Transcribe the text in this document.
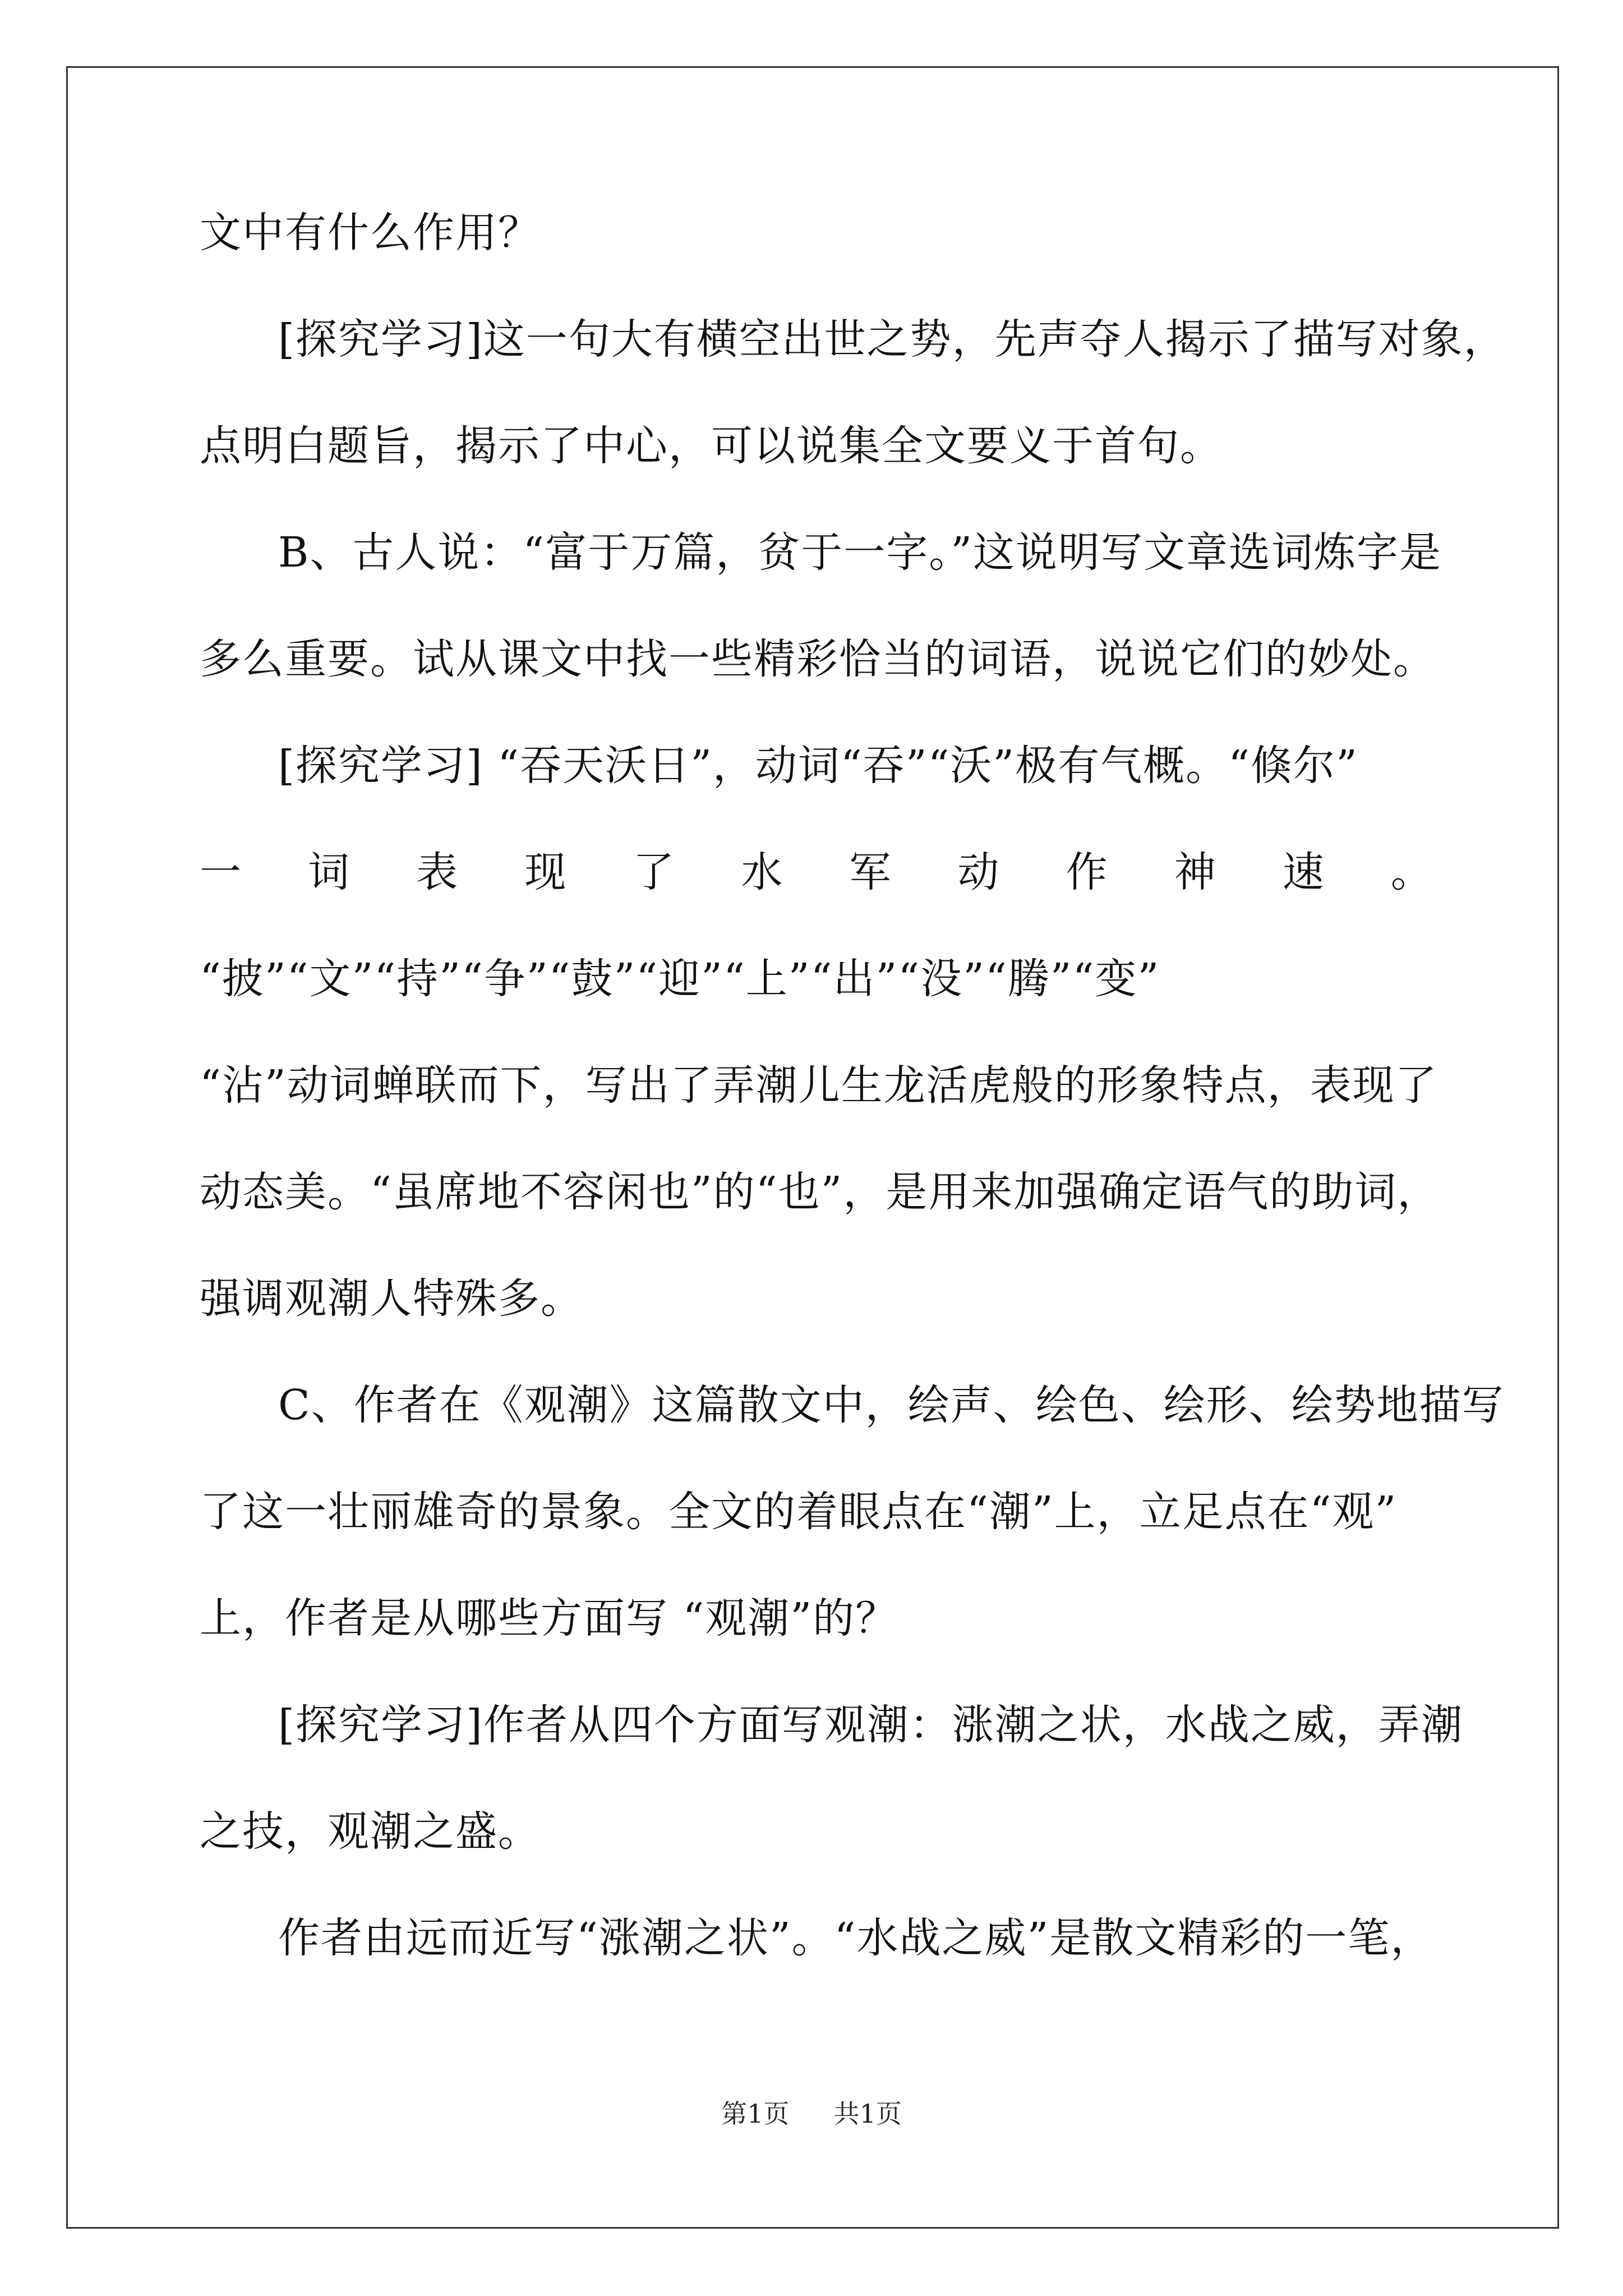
文中有什么作用？
[探究学习]这一句大有横空出世之势，先声夺人揭示了描写对象，
点明白题旨，揭示了中心，可以说集全文要义于首句。
B、古人说：“富于万篇，贫于一字。”这说明写文章选词炼字是
多么重要。试从课文中找一些精彩恰当的词语，说说它们的妙处。
[探究学习] “吞天沃日”，动词“吞”“沃”极有气概。“倏尔”
一 词 表 现 了 水 军 动 作 神 速 。
“披”“文”“持”“争”“鼓”“迎”“上”“出”“没”“腾”“变”
“沾”动词蝉联而下，写出了弄潮儿生龙活虎般的形象特点，表现了
动态美。“虽席地不容闲也”的“也”，是用来加强确定语气的助词，
强调观潮人特殊多。
C、作者在《观潮》这篇散文中，绘声、绘色、绘形、绘势地描写
了这一壮丽雄奇的景象。全文的着眼点在“潮”上，立足点在“观”
上，作者是从哪些方面写 “观潮”的？
[探究学习]作者从四个方面写观潮：涨潮之状，水战之威，弄潮
之技，观潮之盛。
作者由远而近写“涨潮之状”。“水战之威”是散文精彩的一笔，
第1页 共1页
